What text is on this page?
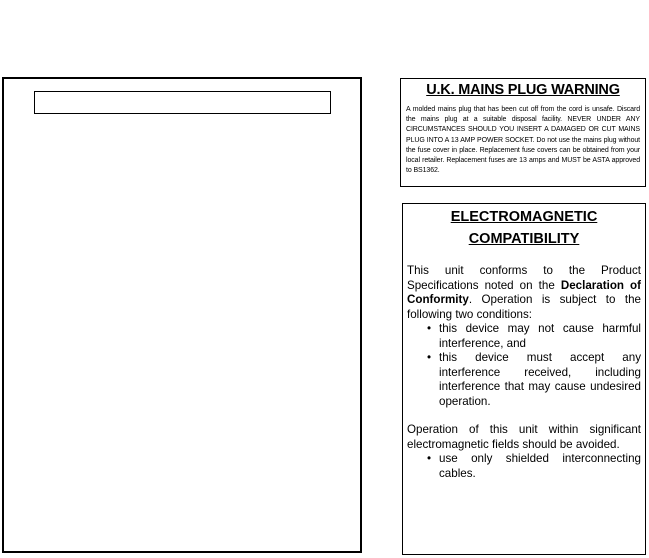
U.K. MAINS PLUG WARNING

A molded mains plug that has been cut off from the cord is unsafe. Discard the mains plug at a suitable disposal facility. NEVER UNDER ANY CIRCUMSTANCES SHOULD YOU INSERT A DAMAGED OR CUT MAINS PLUG INTO A 13 AMP POWER SOCKET. Do not use the mains plug without the fuse cover in place. Replacement fuse covers can be obtained from your local retailer. Replacement fuses are 13 amps and MUST be ASTA approved to BS1362.

ELECTROMAGNETIC
COMPATIBILITY

This unit conforms to the Product Specifications noted on the Declaration of Conformity. Operation is subject to the following two conditions:

• this device may not cause harmful interference, and
• this device must accept any interference received, including interference that may cause undesired operation.

Operation of this unit within significant electromagnetic fields should be avoided.

• use only shielded interconnecting cables.
